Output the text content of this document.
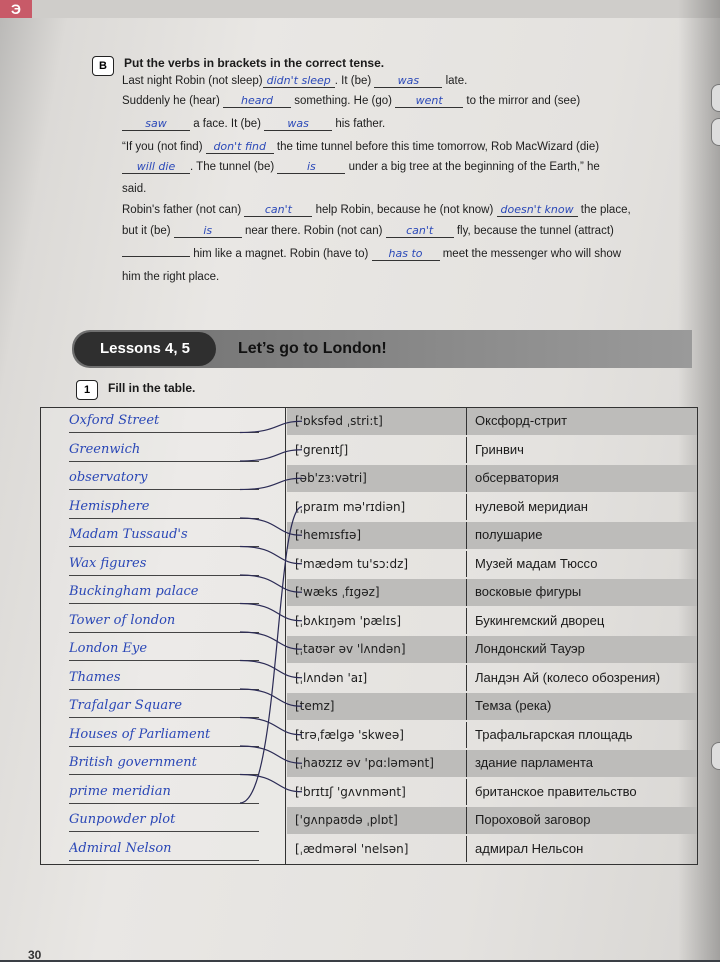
Э
B	Put the verbs in brackets in the correct tense.
Last night Robin (not sleep) didn't sleep . It (be) was late.
Suddenly he (hear) heard something. He (go) went to the mirror and (see)
saw a face. It (be) was his father.
“If you (not find) don't find the time tunnel before this time tomorrow, Rob MacWizard (die)
will die . The tunnel (be)	is	under a big tree at the beginning of the Earth,” he
said.
Robin's father (not can) can't help Robin, because he (not know) doesn't know the place,
but it (be)	is	near there. Robin (not can) can't fly, because the tunnel (attract)
him like a magnet. Robin (have to) has to meet the messenger who will show
him the right place.
Lessons 4, 5	Let’s go to London!
1	Fill in the table.
Oxford Street	['ɒksfəd ˌstri:t]	Оксфорд-стрит
Greenwich	['grenɪtʃ]	Гринвич
observatory	[əb'zɜ:vətri]	обсерватория
Hemisphere	[ˌpraɪm mə'rɪdiən]	нулевой меридиан
Madam Tussaud's	['hemɪsfɪə]	полушарие
Wax figures	['mædəm tu'sɔ:dz]	Музей мадам Тюссо
Buckingham palace	['wæks ˌfɪgəz]	восковые фигуры
Tower of london	[ˌbʌkɪŋəm 'pælɪs]	Букингемский дворец
London Eye	[ˌtaʊər əv 'lʌndən]	Лондонский Тауэр
Thames	[ˌlʌndən 'aɪ]	Ландэн Ай (колесо обозрения)
Trafalgar Square	[temz]	Темза (река)
Houses of Parliament	[trəˌfælgə 'skweə]	Трафальгарская площадь
British government	[ˌhaʊzɪz əv 'pɑ:ləmənt]	здание парламента
prime meridian	['brɪtɪʃ 'gʌvnmənt]	британское правительство
Gunpowder plot	['gʌnpaʊdə ˌplɒt]	Пороховой заговор
Admiral Nelson	[ˌædmərəl 'nelsən]	адмирал Нельсон
30
